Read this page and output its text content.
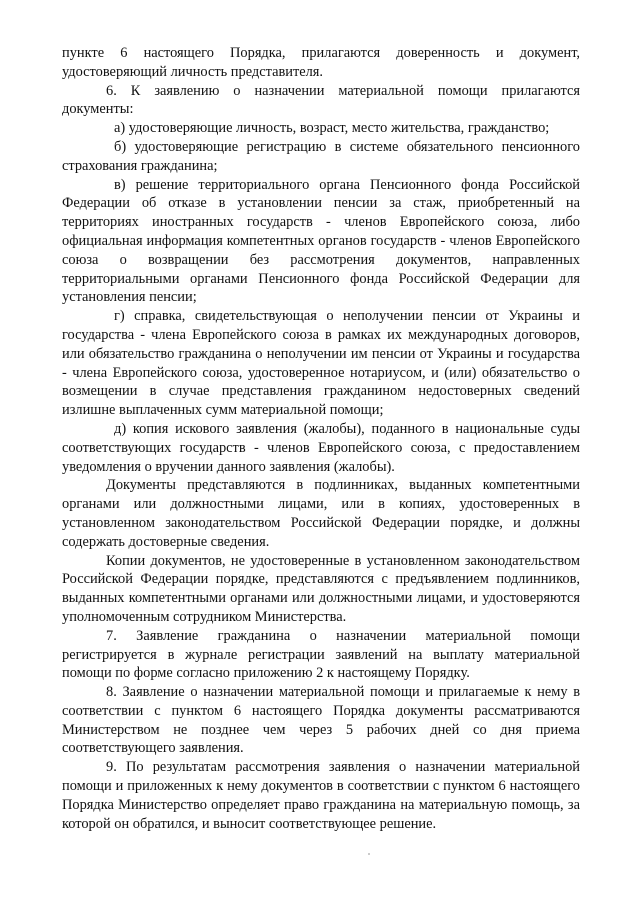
пункте 6 настоящего Порядка, прилагаются доверенность и документ, удостоверяющий личность представителя.

6. К заявлению о назначении материальной помощи прилагаются документы:

а) удостоверяющие личность, возраст, место жительства, гражданство;

б) удостоверяющие регистрацию в системе обязательного пенсионного страхования гражданина;

в) решение территориального органа Пенсионного фонда Российской Федерации об отказе в установлении пенсии за стаж, приобретенный на территориях иностранных государств - членов Европейского союза, либо официальная информация компетентных органов государств - членов Европейского союза о возвращении без рассмотрения документов, направленных территориальными органами Пенсионного фонда Российской Федерации для установления пенсии;

г) справка, свидетельствующая о неполучении пенсии от Украины и государства - члена Европейского союза в рамках их международных договоров, или обязательство гражданина о неполучении им пенсии от Украины и государства - члена Европейского союза, удостоверенное нотариусом, и (или) обязательство о возмещении в случае представления гражданином недостоверных сведений излишне выплаченных сумм материальной помощи;

д) копия искового заявления (жалобы), поданного в национальные суды соответствующих государств - членов Европейского союза, с предоставлением уведомления о вручении данного заявления (жалобы).

Документы представляются в подлинниках, выданных компетентными органами или должностными лицами, или в копиях, удостоверенных в установленном законодательством Российской Федерации порядке, и должны содержать достоверные сведения.

Копии документов, не удостоверенные в установленном законодательством Российской Федерации порядке, представляются с предъявлением подлинников, выданных компетентными органами или должностными лицами, и удостоверяются уполномоченным сотрудником Министерства.

7. Заявление гражданина о назначении материальной помощи регистрируется в журнале регистрации заявлений на выплату материальной помощи по форме согласно приложению 2 к настоящему Порядку.

8. Заявление о назначении материальной помощи и прилагаемые к нему в соответствии с пунктом 6 настоящего Порядка документы рассматриваются Министерством не позднее чем через 5 рабочих дней со дня приема соответствующего заявления.

9. По результатам рассмотрения заявления о назначении материальной помощи и приложенных к нему документов в соответствии с пунктом 6 настоящего Порядка Министерство определяет право гражданина на материальную помощь, за которой он обратился, и выносит соответствующее решение.
